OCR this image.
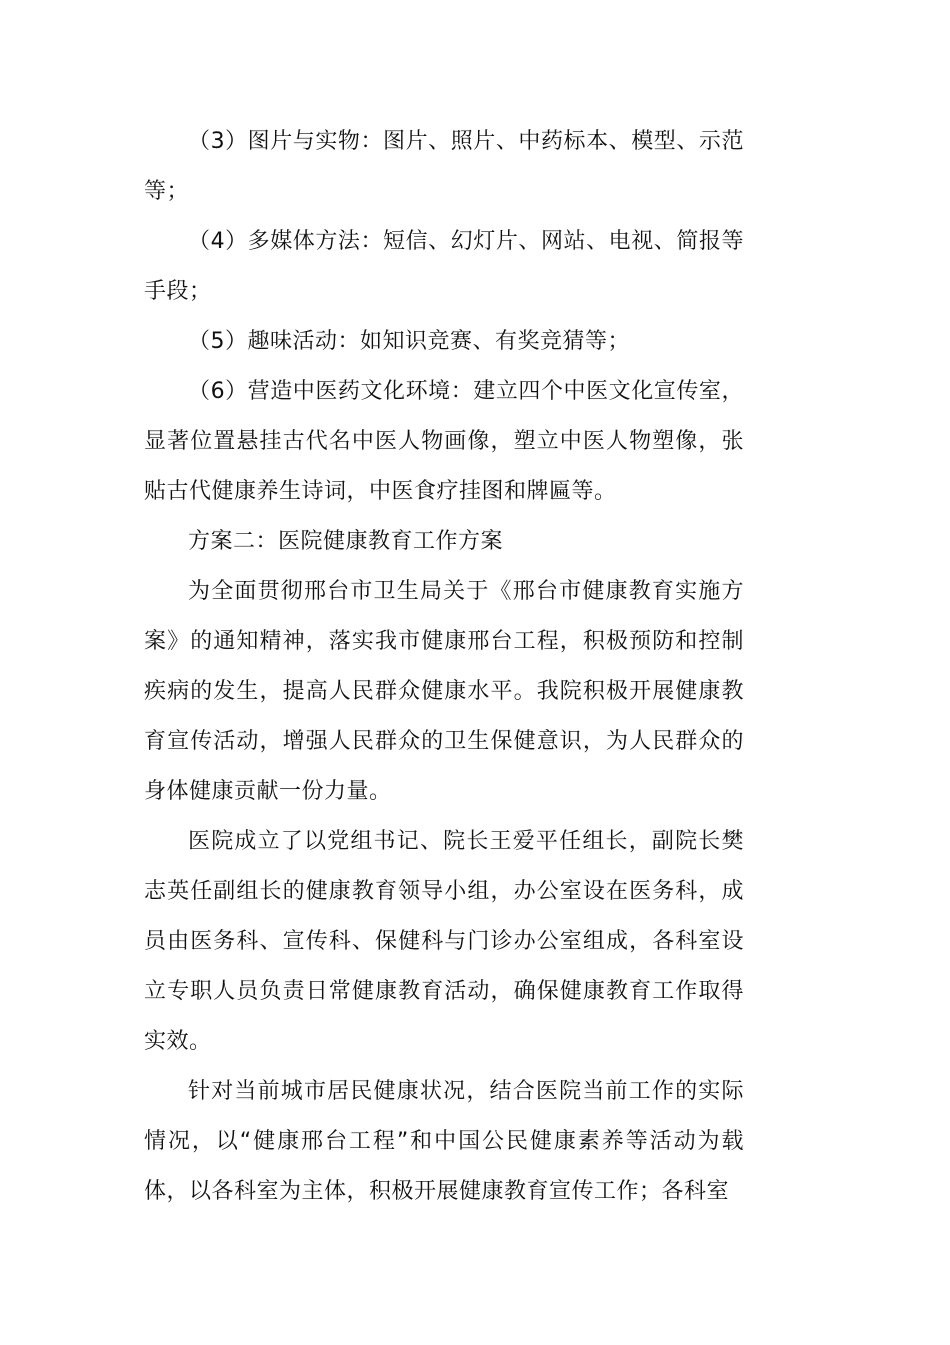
（3）图片与实物：图片、照片、中药标本、模型、示范等；

（4）多媒体方法：短信、幻灯片、网站、电视、简报等手段；

（5）趣味活动：如知识竞赛、有奖竞猜等；

（6）营造中医药文化环境：建立四个中医文化宣传室，显著位置悬挂古代名中医人物画像，塑立中医人物塑像，张贴古代健康养生诗词，中医食疗挂图和牌匾等。

方案二：医院健康教育工作方案

为全面贯彻邢台市卫生局关于《邢台市健康教育实施方案》的通知精神，落实我市健康邢台工程，积极预防和控制疾病的发生，提高人民群众健康水平。我院积极开展健康教育宣传活动，增强人民群众的卫生保健意识，为人民群众的身体健康贡献一份力量。

医院成立了以党组书记、院长王爱平任组长，副院长樊志英任副组长的健康教育领导小组，办公室设在医务科，成员由医务科、宣传科、保健科与门诊办公室组成，各科室设立专职人员负责日常健康教育活动，确保健康教育工作取得实效。

针对当前城市居民健康状况，结合医院当前工作的实际情况，以“健康邢台工程”和中国公民健康素养等活动为载体，以各科室为主体，积极开展健康教育宣传工作；各科室
